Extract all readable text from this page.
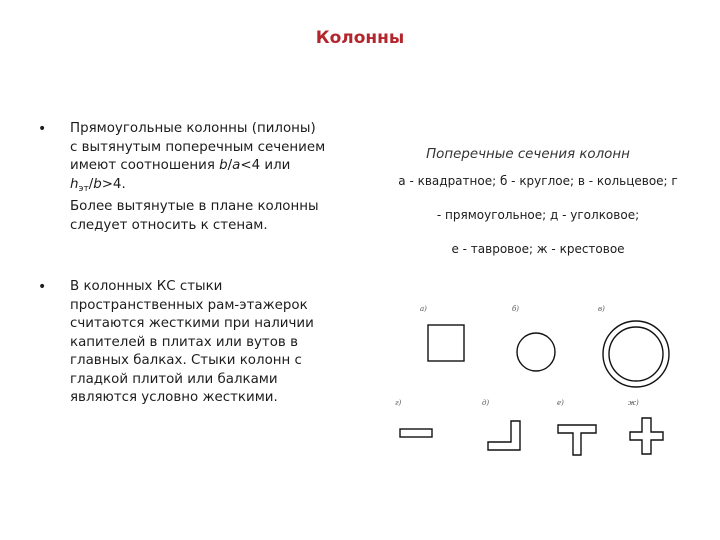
Колонны
• Прямоугольные колонны (пилоны)
с вытянутым поперечным сечением
имеют соотношения b/a<4 или
$h_{эт}/b>4$.
Более вытянутые в плане колонны
следует относить к стенам.
• В колонных КС стыки
пространственных рам-этажерок
считаются жесткими при наличии
капителей в плитах или вутов в
главных балках. Стыки колонн с
гладкой плитой или балками
являются условно жесткими.
Поперечные сечения колонн
а - квадратное; б - круглое; в - кольцевое; г

- прямоугольное; д - уголковое;

е - тавровое; ж - крестовое
а)	б)	в)
г)	д)	е)	ж)
